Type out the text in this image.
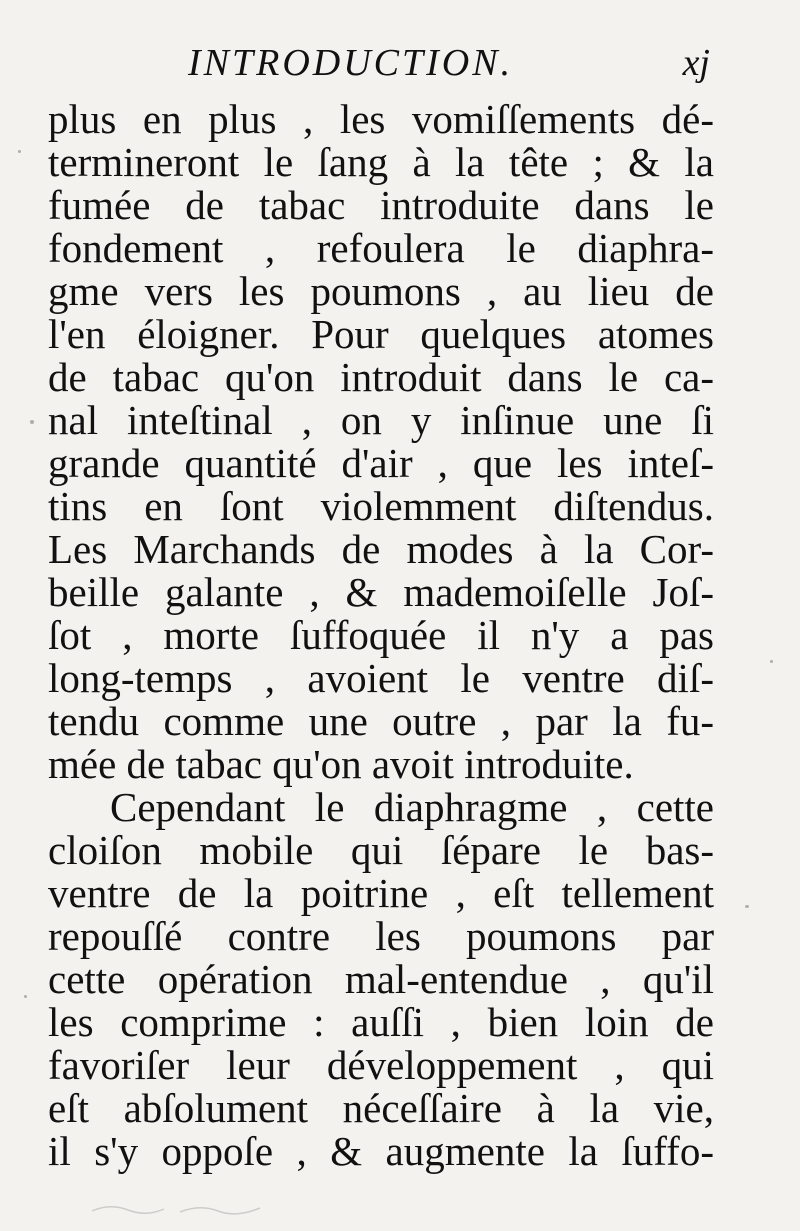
INTRODUCTION.	xj
plus en plus , les vomiſſements dé-
termineront le ſang à la tête ; & la
fumée de tabac introduite dans le
fondement , refoulera le diaphra-
gme vers les poumons , au lieu de
l'en éloigner. Pour quelques atomes
de tabac qu'on introduit dans le ca-
nal inteſtinal , on y inſinue une ſi
grande quantité d'air , que les inteſ-
tins en ſont violemment diſtendus.
Les Marchands de modes à la Cor-
beille galante , & mademoiſelle Joſ-
ſot , morte ſuffoquée il n'y a pas
long-temps , avoient le ventre diſ-
tendu comme une outre , par la fu-
mée de tabac qu'on avoit introduite.
Cependant le diaphragme , cette
cloiſon mobile qui ſépare le bas-
ventre de la poitrine , eſt tellement
repouſſé contre les poumons par
cette opération mal-entendue , qu'il
les comprime : auſſi , bien loin de
favoriſer leur développement , qui
eſt abſolument néceſſaire à la vie,
il s'y oppoſe , & augmente la ſuffo-
